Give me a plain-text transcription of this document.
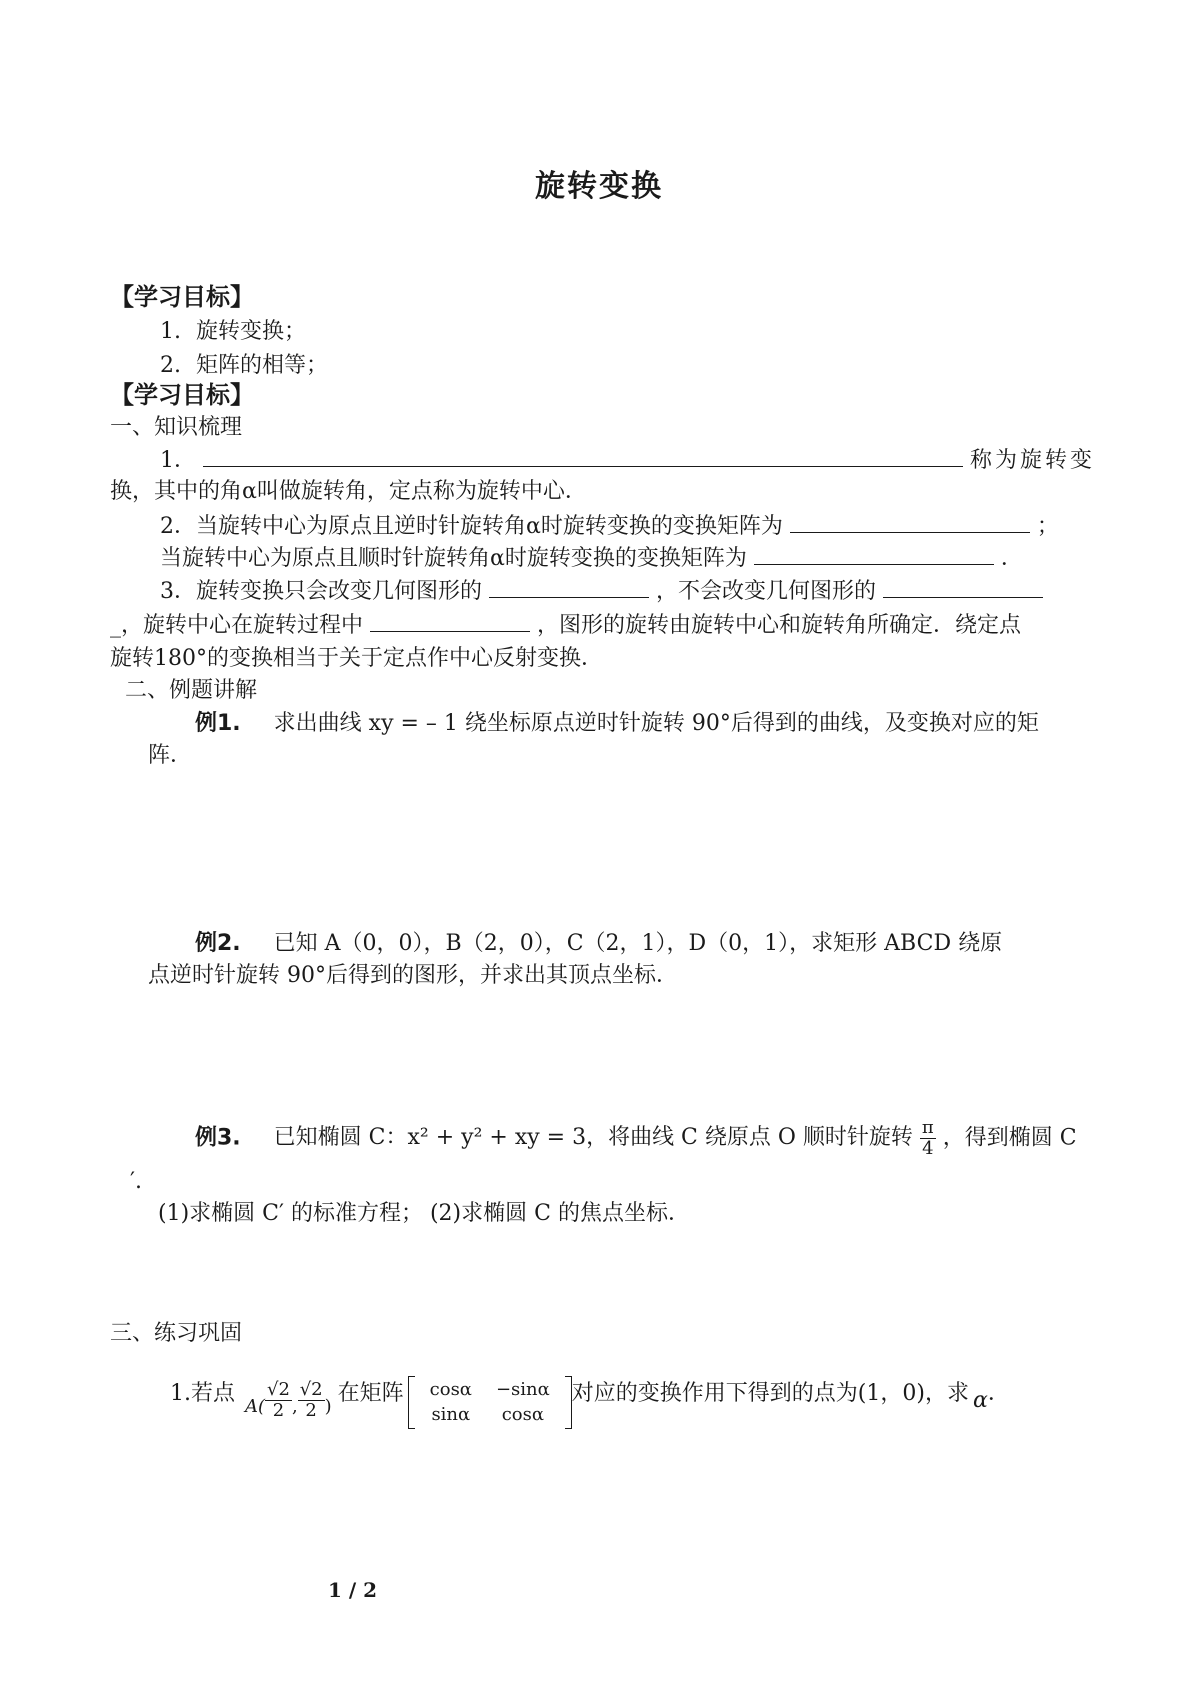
旋转变换
【学习目标】
1. 旋转变换；
2. 矩阵的相等；
【学习目标】
一、知识梳理
1．	称为旋转变
换，其中的角α叫做旋转角，定点称为旋转中心．
2．当旋转中心为原点且逆时针旋转角α时旋转变换的变换矩阵为	；
当旋转中心为原点且顺时针旋转角α时旋转变换的变换矩阵为	．
3．旋转变换只会改变几何图形的	，不会改变几何图形的
_，旋转中心在旋转过程中	，图形的旋转由旋转中心和旋转角所确定．绕定点
旋转180°的变换相当于关于定点作中心反射变换．
二、例题讲解
例1. 求出曲线 xy = – 1 绕坐标原点逆时针旋转 90°后得到的曲线，及变换对应的矩
阵．
例2. 已知 A（0，0），B（2，0），C（2，1），D（0，1），求矩形 ABCD 绕原
点逆时针旋转 90°后得到的图形，并求出其顶点坐标．
例3. 已知椭圆 C：x² + y² + xy = 3，将曲线 C 绕原点 O 顺时针旋转 $\frac{\pi}{4}$ ，得到椭圆 C
′.
(1)求椭圆 C′ 的标准方程； (2)求椭圆 C 的焦点坐标．
三、练习巩固
1.若点
$A( \frac{√2}{2}$ , $\frac{√2}{2}$ )
在矩阵 cosα	−sinα
sinα	cosα
对应的变换作用下得到的点为(1，0)，求 α ．
1 / 2
